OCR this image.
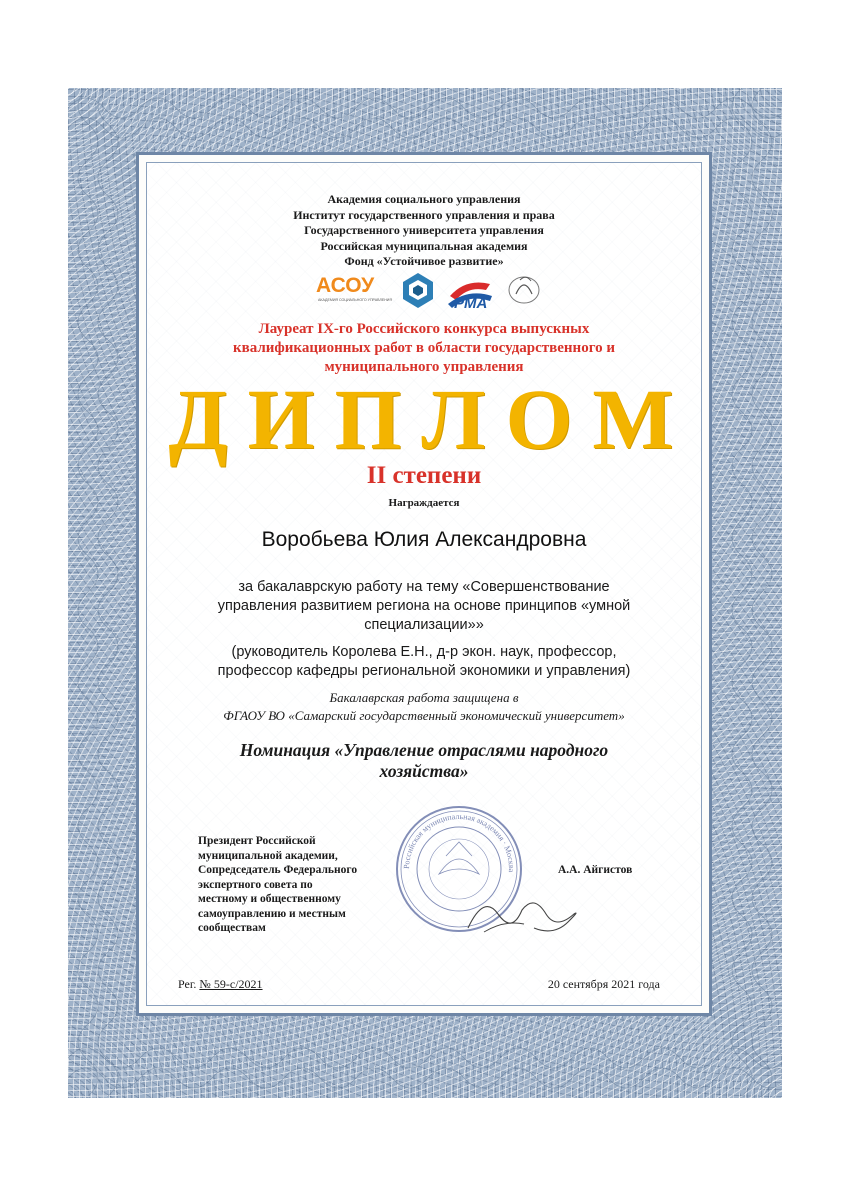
Академия социального управления
Институт государственного управления и права
Государственного университета управления
Российская муниципальная академия
Фонд «Устойчивое развитие»
АСОУ
АКАДЕМИЯ СОЦИАЛЬНОГО УПРАВЛЕНИЯ	РМА
Лауреат IX-го Российского конкурса выпускных
квалификационных работ в области государственного и
муниципального управления
ДИПЛОМ
II степени
Награждается
Воробьева Юлия Александровна
за бакалаврскую работу на тему «Совершенствование
управления развитием региона на основе принципов «умной
специализации»»
(руководитель Королева Е.Н., д-р экон. наук, профессор,
профессор кафедры региональной экономики и управления)
Бакалаврская работа защищена в
ФГАОУ ВО «Самарский государственный экономический университет»
Номинация «Управление отраслями народного
хозяйства»
Президент Российской
муниципальной академии,
Сопредседатель Федерального
экспертного совета по
местному и общественному
самоуправлению и местным
сообществам
Российская муниципальная академия · Москва	А.А. Айгистов
Рег. № 59-с/2021	20 сентября 2021 года
